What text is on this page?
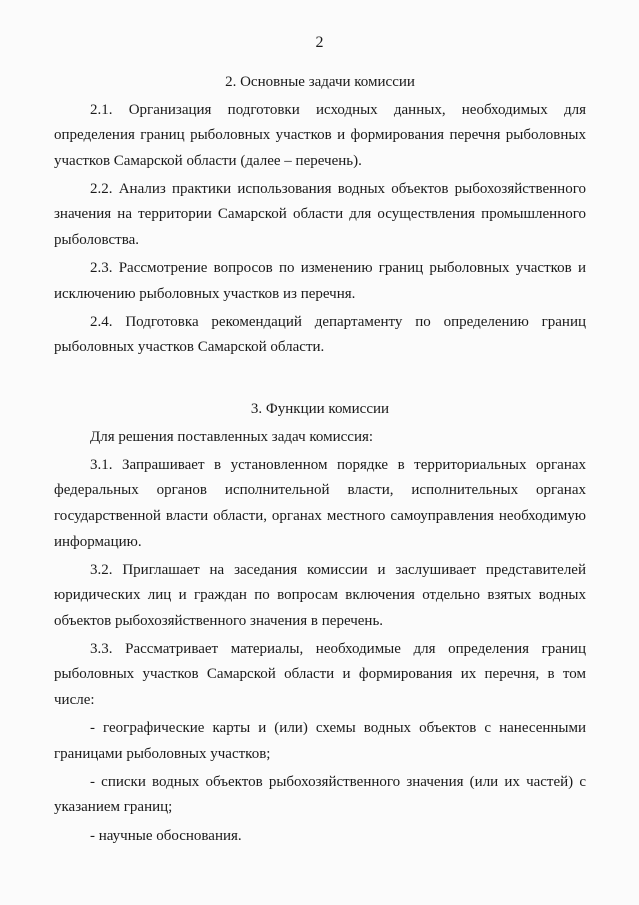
2
2. Основные задачи комиссии

2.1. Организация подготовки исходных данных, необходимых для определения границ рыболовных участков и формирования перечня рыболовных участков Самарской области (далее – перечень).

2.2. Анализ практики использования водных объектов рыбохозяйственного значения на территории Самарской области для осуществления промышленного рыболовства.

2.3. Рассмотрение вопросов по изменению границ рыболовных участков и исключению рыболовных участков из перечня.

2.4. Подготовка рекомендаций департаменту по определению границ рыболовных участков Самарской области.

3. Функции комиссии

Для решения поставленных задач комиссия:

3.1. Запрашивает в установленном порядке в территориальных органах федеральных органов исполнительной власти, исполнительных органах государственной власти области, органах местного самоуправления необходимую информацию.

3.2. Приглашает на заседания комиссии и заслушивает представителей юридических лиц и граждан по вопросам включения отдельно взятых водных объектов рыбохозяйственного значения в перечень.

3.3. Рассматривает материалы, необходимые для определения границ рыболовных участков Самарской области и формирования их перечня, в том числе:

- географические карты и (или) схемы водных объектов с нанесенными границами рыболовных участков;

- списки водных объектов рыбохозяйственного значения (или их частей) с указанием границ;

- научные обоснования.
